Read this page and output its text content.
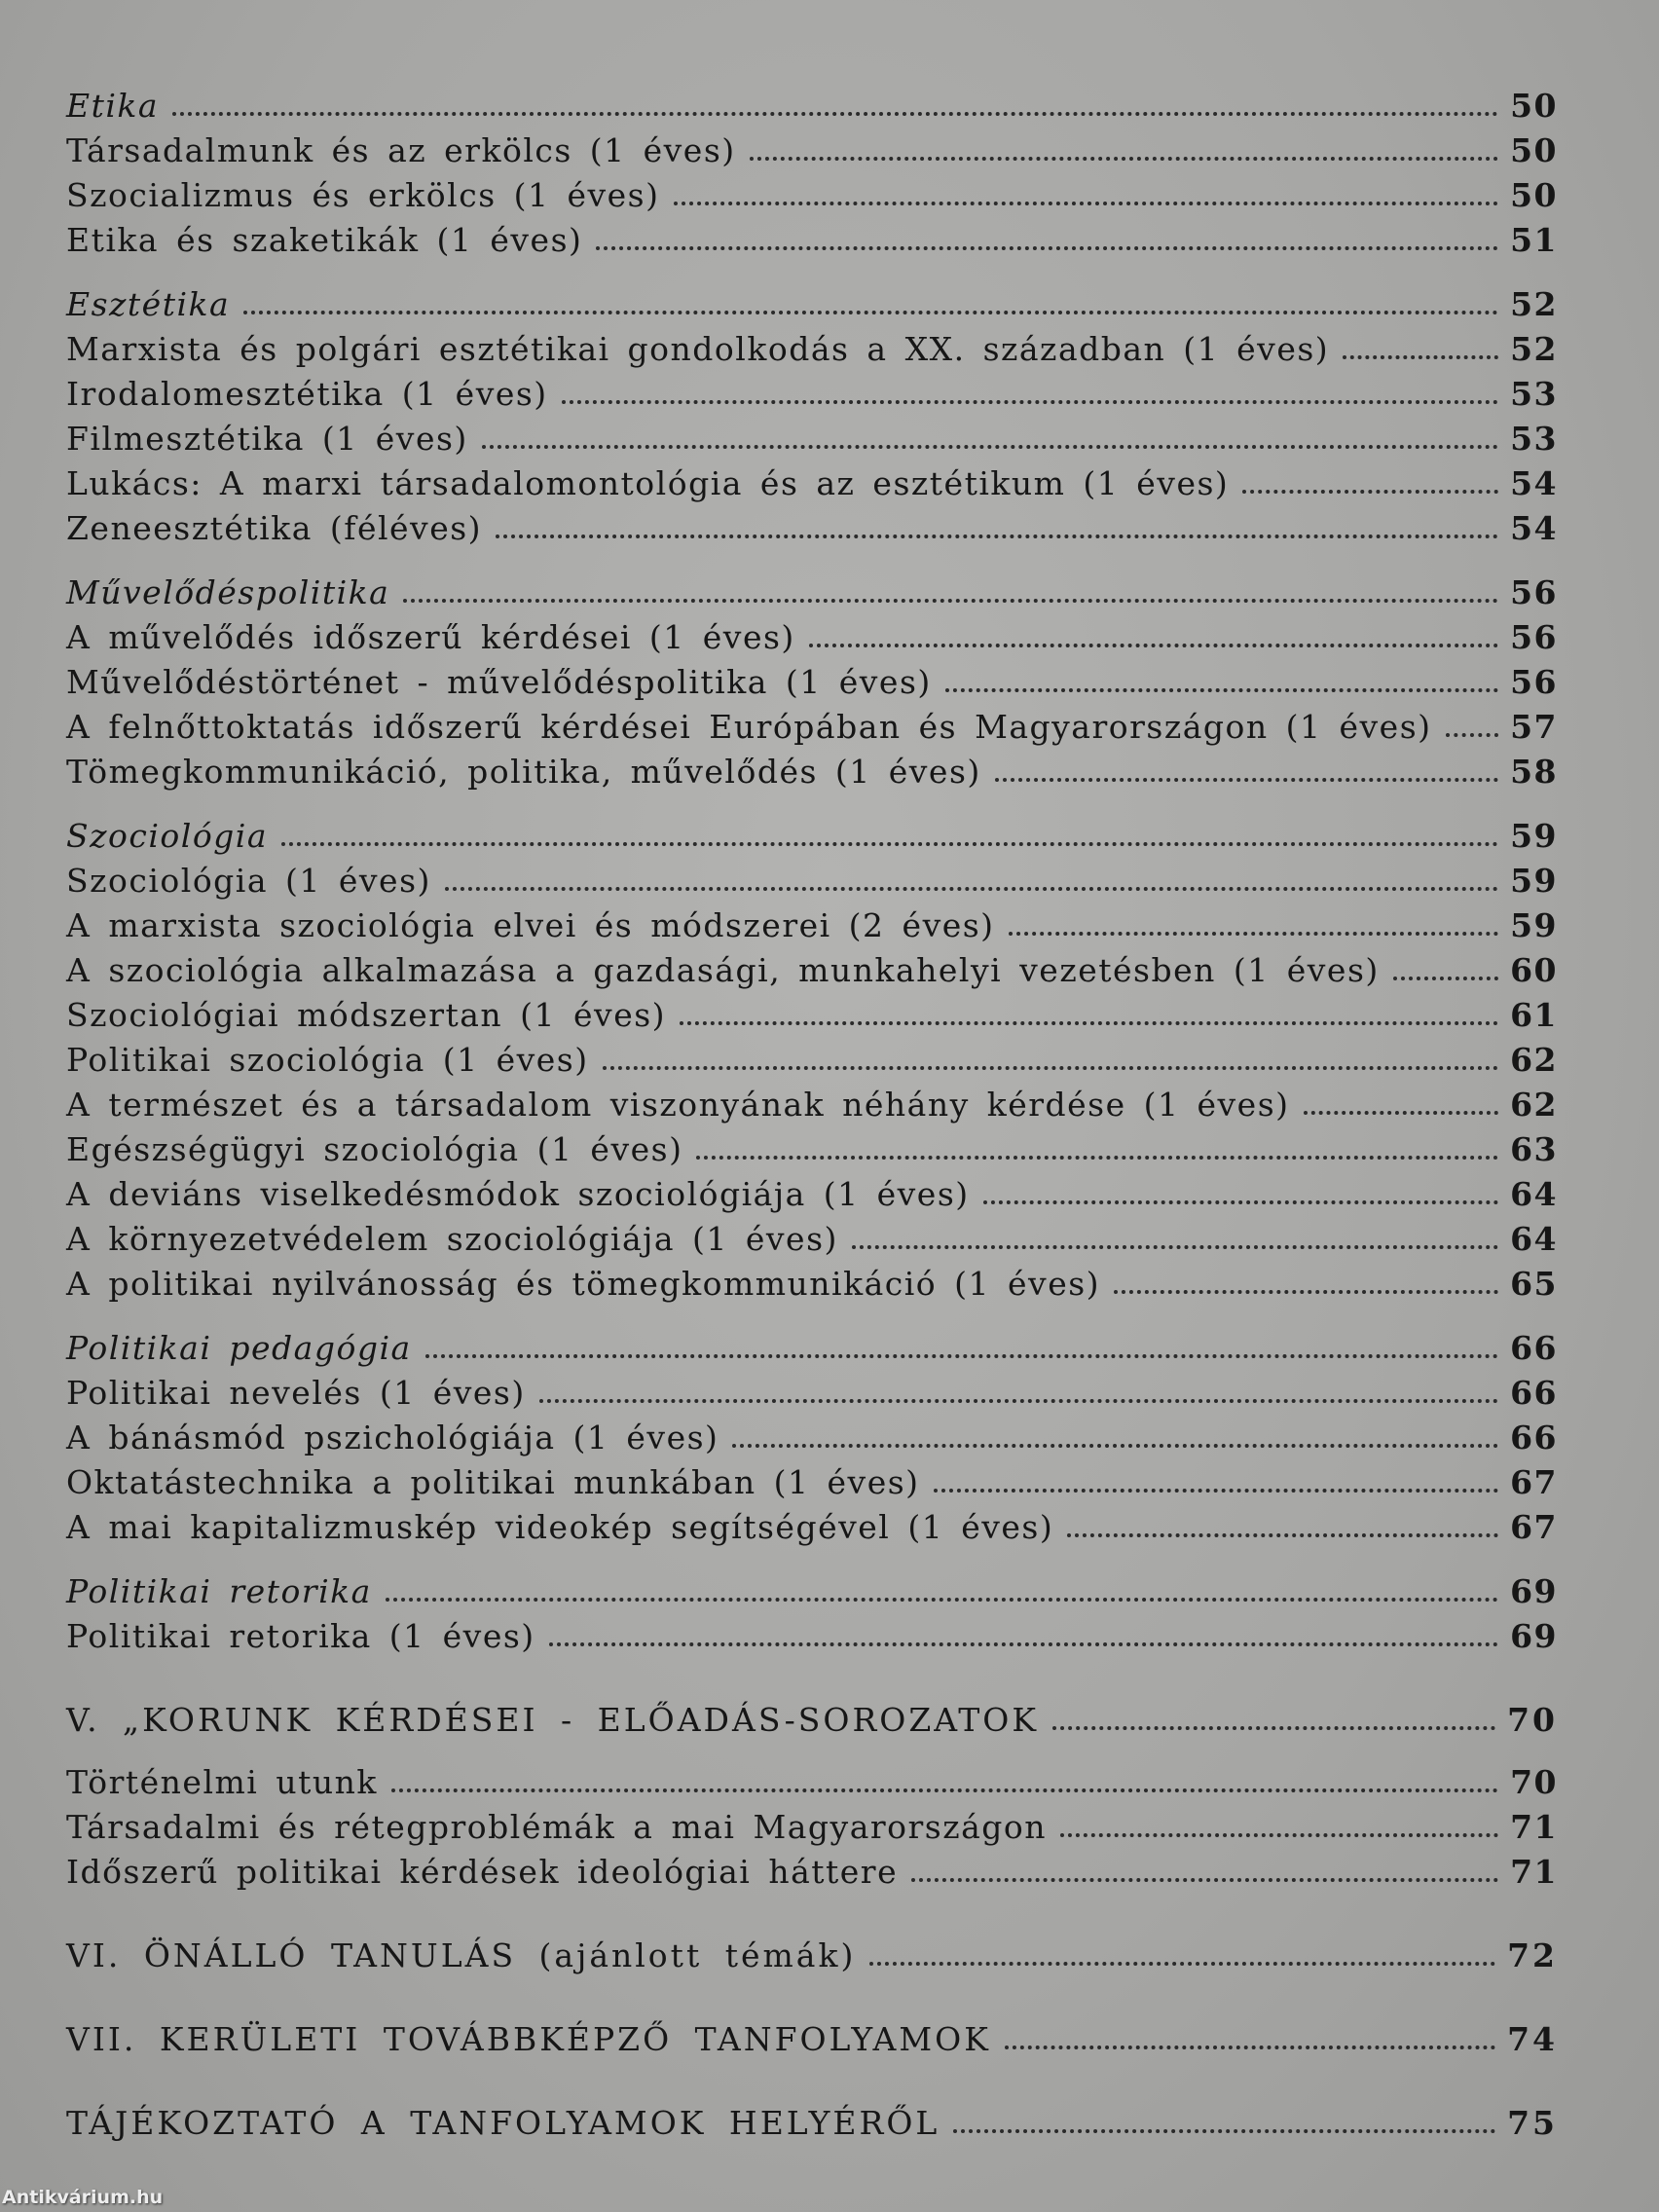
Etika	50
Társadalmunk és az erkölcs (1 éves)	50
Szocializmus és erkölcs (1 éves)	50
Etika és szaketikák (1 éves)	51
Esztétika	52
Marxista és polgári esztétikai gondolkodás a XX. században (1 éves)	52
Irodalomesztétika (1 éves)	53
Filmesztétika (1 éves)	53
Lukács: A marxi társadalomontológia és az esztétikum (1 éves)	54
Zeneesztétika (féléves)	54
Művelődéspolitika	56
A művelődés időszerű kérdései (1 éves)	56
Művelődéstörténet - művelődéspolitika (1 éves)	56
A felnőttoktatás időszerű kérdései Európában és Magyarországon (1 éves) 57
Tömegkommunikáció, politika, művelődés (1 éves)	58
Szociológia	59
Szociológia (1 éves)	59
A marxista szociológia elvei és módszerei (2 éves)	59
A szociológia alkalmazása a gazdasági, munkahelyi vezetésben (1 éves)	60
Szociológiai módszertan (1 éves)	61
Politikai szociológia (1 éves)	62
A természet és a társadalom viszonyának néhány kérdése (1 éves)	62
Egészségügyi szociológia (1 éves)	63
A deviáns viselkedésmódok szociológiája (1 éves)	64
A környezetvédelem szociológiája (1 éves)	64
A politikai nyilvánosság és tömegkommunikáció (1 éves)	65
Politikai pedagógia	66
Politikai nevelés (1 éves)	66
A bánásmód pszichológiája (1 éves)	66
Oktatástechnika a politikai munkában (1 éves)	67
A mai kapitalizmuskép videokép segítségével (1 éves)	67
Politikai retorika	69
Politikai retorika (1 éves)	69
V. „KORUNK KÉRDÉSEI - ELŐADÁS-SOROZATOK	70
Történelmi utunk	70
Társadalmi és rétegproblémák a mai Magyarországon	71
Időszerű politikai kérdések ideológiai háttere	71
VI. ÖNÁLLÓ TANULÁS (ajánlott témák)	72
VII. KERÜLETI TOVÁBBKÉPZŐ TANFOLYAMOK	74
TÁJÉKOZTATÓ A TANFOLYAMOK HELYÉRŐL	75
Antikvárium.hu
